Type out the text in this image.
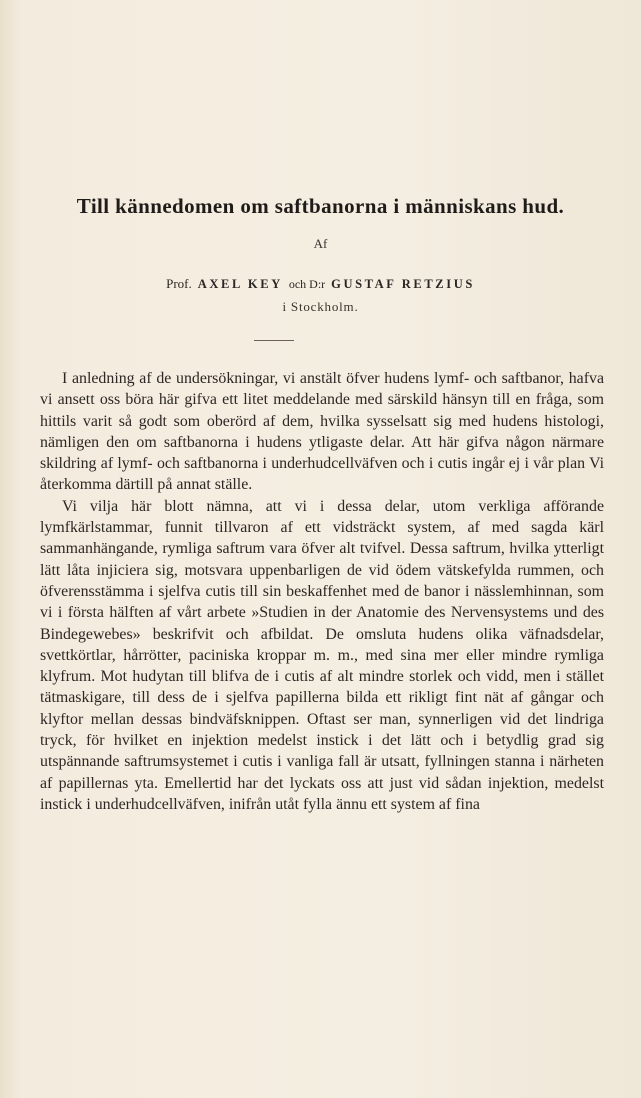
Till kännedomen om saftbanorna i människans hud.
Af
Prof. AXEL KEY och D:r GUSTAF RETZIUS
i Stockholm.

I anledning af de undersökningar, vi anstält öfver hudens lymf- och saftbanor, hafva vi ansett oss böra här gifva ett litet meddelande med särskild hänsyn till en fråga, som hittils varit så godt som oberörd af dem, hvilka sysselsatt sig med hudens histologi, nämligen den om saftbanorna i hudens ytligaste delar. Att här gifva någon närmare skildring af lymf- och saftbanorna i underhudcellväfven och i cutis ingår ej i vår plan Vi återkomma därtill på annat ställe.

Vi vilja här blott nämna, att vi i dessa delar, utom verkliga afförande lymfkärlstammar, funnit tillvaron af ett vidsträckt system, af med sagda kärl sammanhängande, rymliga saftrum vara öfver alt tvifvel. Dessa saftrum, hvilka ytterligt lätt låta injiciera sig, motsvara uppenbarligen de vid ödem vätskefylda rummen, och öfverensstämma i sjelfva cutis till sin beskaffenhet med de banor i nässlemhinnan, som vi i första hälften af vårt arbete »Studien in der Anatomie des Nervensystems und des Bindegewebes» beskrifvit och afbildat. De omsluta hudens olika väfnadsdelar, svettkörtlar, hårrötter, paciniska kroppar m. m., med sina mer eller mindre rymliga klyfrum. Mot hudytan till blifva de i cutis af alt mindre storlek och vidd, men i stället tätmaskigare, till dess de i sjelfva papillerna bilda ett rikligt fint nät af gångar och klyftor mellan dessas bindväfsknippen. Oftast ser man, synnerligen vid det lindriga tryck, för hvilket en injektion medelst instick i det lätt och i betydlig grad sig utspännande saftrumsystemet i cutis i vanliga fall är utsatt, fyllningen stanna i närheten af papillernas yta. Emellertid har det lyckats oss att just vid sådan injektion, medelst instick i underhudcellväfven, inifrån utåt fylla ännu ett system af fina
